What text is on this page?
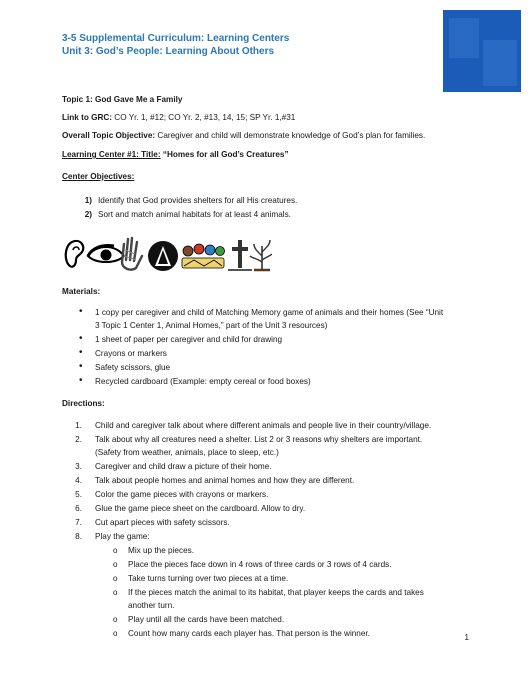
3-5 Supplemental Curriculum: Learning Centers
Unit 3: God’s People: Learning About Others
Topic 1: God Gave Me a Family
Link to GRC: CO Yr. 1, #12; CO Yr. 2, #13, 14, 15; SP Yr. 1,#31
Overall Topic Objective: Caregiver and child will demonstrate knowledge of God’s plan for families.
Learning Center #1: Title: “Homes for all God’s Creatures”
Center Objectives:
1) Identify that God provides shelters for all His creatures.
2) Sort and match animal habitats for at least 4 animals.
Materials:
•
1 copy per caregiver and child of Matching Memory game of animals and their homes (See “Unit
3 Topic 1 Center 1, Animal Homes,” part of the Unit 3 resources)
•
1 sheet of paper per caregiver and child for drawing
•
Crayons or markers
•
Safety scissors, glue
•
Recycled cardboard (Example: empty cereal or food boxes)
Directions:
1. Child and caregiver talk about where different animals and people live in their country/village.
2. Talk about why all creatures need a shelter. List 2 or 3 reasons why shelters are important.
(Safety from weather, animals, place to sleep, etc.)
3. Caregiver and child draw a picture of their home.
4. Talk about people homes and animal homes and how they are different.
5. Color the game pieces with crayons or markers.
6. Glue the game piece sheet on the cardboard. Allow to dry.
7. Cut apart pieces with safety scissors.
8. Play the game:
o
Mix up the pieces.
o
Place the pieces face down in 4 rows of three cards or 3 rows of 4 cards.
o
Take turns turning over two pieces at a time.
o
If the pieces match the animal to its habitat, that player keeps the cards and takes
another turn.
o
Play until all the cards have been matched.
o
Count how many cards each player has. That person is the winner.	1
